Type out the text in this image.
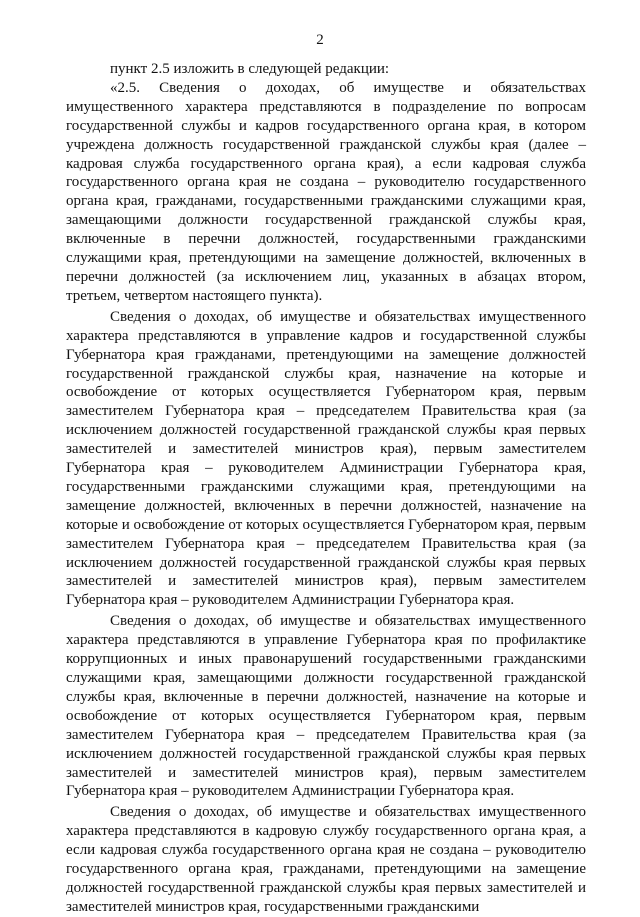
2

пункт 2.5 изложить в следующей редакции:

«2.5. Сведения о доходах, об имуществе и обязательствах имущественного характера представляются в подразделение по вопросам государственной службы и кадров государственного органа края, в котором учреждена должность государственной гражданской службы края (далее – кадровая служба государственного органа края), а если кадровая служба государственного органа края не создана – руководителю государственного органа края, гражданами, государственными гражданскими служащими края, замещающими должности государственной гражданской службы края, включенные в перечни должностей, государственными гражданскими служащими края, претендующими на замещение должностей, включенных в перечни должностей (за исключением лиц, указанных в абзацах втором, третьем, четвертом настоящего пункта).

Сведения о доходах, об имуществе и обязательствах имущественного характера представляются в управление кадров и государственной службы Губернатора края гражданами, претендующими на замещение должностей государственной гражданской службы края, назначение на которые и освобождение от которых осуществляется Губернатором края, первым заместителем Губернатора края – председателем Правительства края (за исключением должностей государственной гражданской службы края первых заместителей и заместителей министров края), первым заместителем Губернатора края – руководителем Администрации Губернатора края, государственными гражданскими служащими края, претендующими на замещение должностей, включенных в перечни должностей, назначение на которые и освобождение от которых осуществляется Губернатором края, первым заместителем Губернатора края – председателем Правительства края (за исключением должностей государственной гражданской службы края первых заместителей и заместителей министров края), первым заместителем Губернатора края – руководителем Администрации Губернатора края.

Сведения о доходах, об имуществе и обязательствах имущественного характера представляются в управление Губернатора края по профилактике коррупционных и иных правонарушений государственными гражданскими служащими края, замещающими должности государственной гражданской службы края, включенные в перечни должностей, назначение на которые и освобождение от которых осуществляется Губернатором края, первым заместителем Губернатора края – председателем Правительства края (за исключением должностей государственной гражданской службы края первых заместителей и заместителей министров края), первым заместителем Губернатора края – руководителем Администрации Губернатора края.

Сведения о доходах, об имуществе и обязательствах имущественного характера представляются в кадровую службу государственного органа края, а если кадровая служба государственного органа края не создана – руководителю государственного органа края, гражданами, претендующими на замещение должностей государственной гражданской службы края первых заместителей и заместителей министров края, государственными гражданскими
